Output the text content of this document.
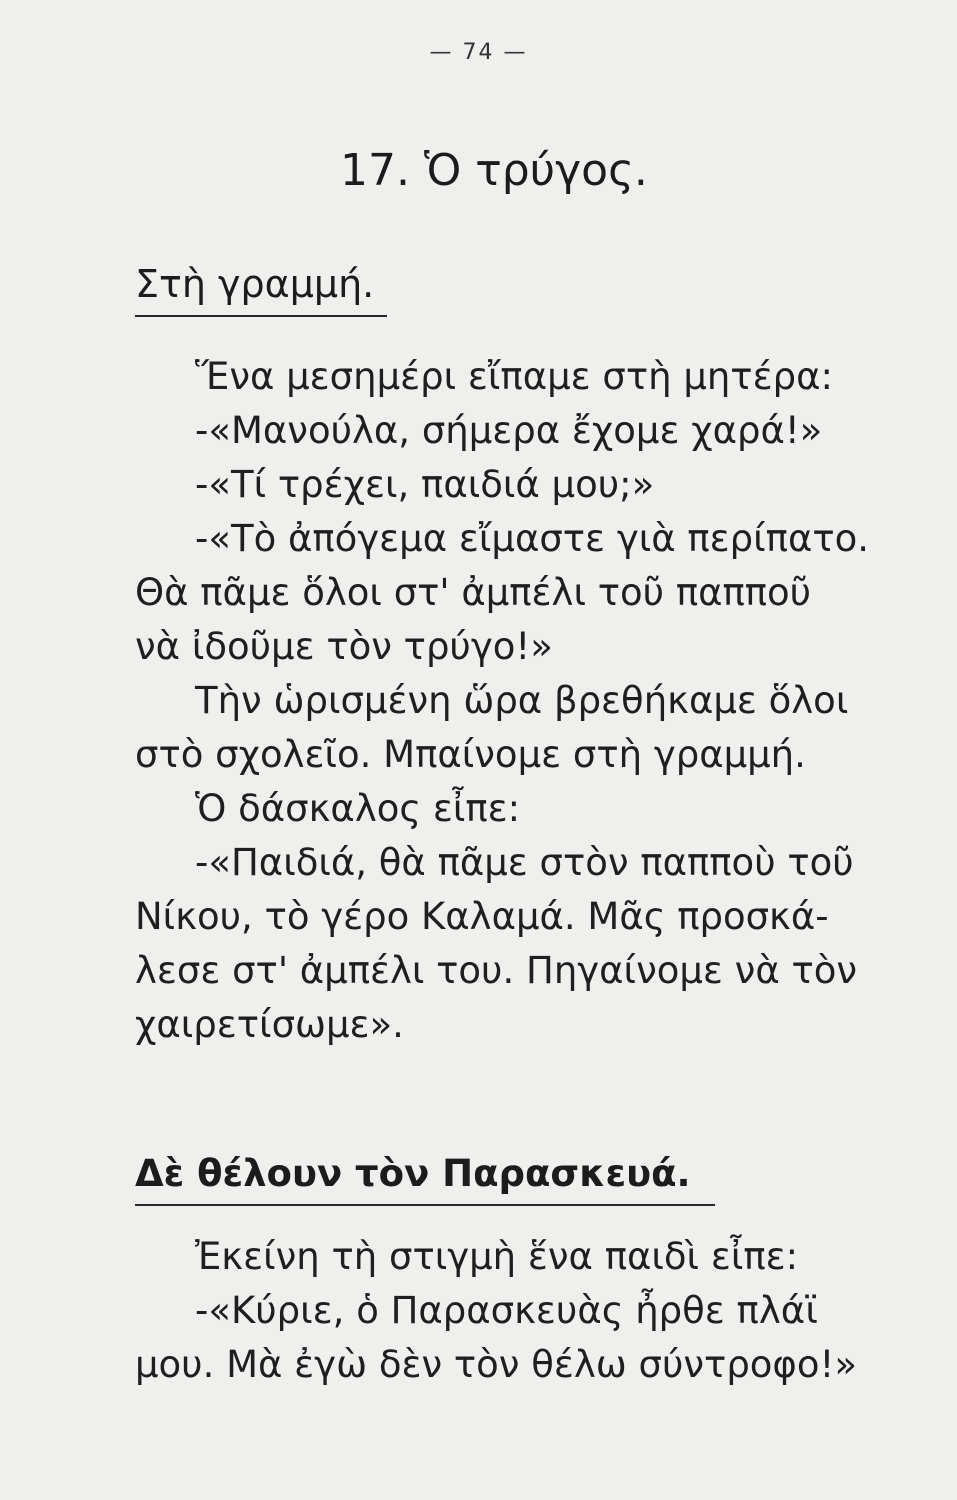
— 74 —
17. Ὁ τρύγος.
Στὴ γραμμή.
Ἕνα μεσημέρι εἴπαμε στὴ μητέρα:
-«Μανούλα, σήμερα ἔχομε χαρά!»
-«Τί τρέχει, παιδιά μου;»
-«Τὸ ἀπόγεμα εἴμαστε γιὰ περίπατο.
Θὰ πᾶμε ὅλοι στ' ἀμπέλι τοῦ παπποῦ
νὰ ἰδοῦμε τὸν τρύγο!»
Τὴν ὡρισμένη ὥρα βρεθήκαμε ὅλοι
στὸ σχολεῖο. Μπαίνομε στὴ γραμμή.
Ὁ δάσκαλος εἶπε:
-«Παιδιά, θὰ πᾶμε στὸν παπποὺ τοῦ
Νίκου, τὸ γέρο Καλαμά. Μᾶς προσκά-
λεσε στ' ἀμπέλι του. Πηγαίνομε νὰ τὸν
χαιρετίσωμε».
Δὲ θέλουν τὸν Παρασκευά.
Ἐκείνη τὴ στιγμὴ ἕνα παιδὶ εἶπε:
-«Κύριε, ὁ Παρασκευὰς ἦρθε πλάϊ
μου. Μὰ ἐγὼ δὲν τὸν θέλω σύντροφο!»
